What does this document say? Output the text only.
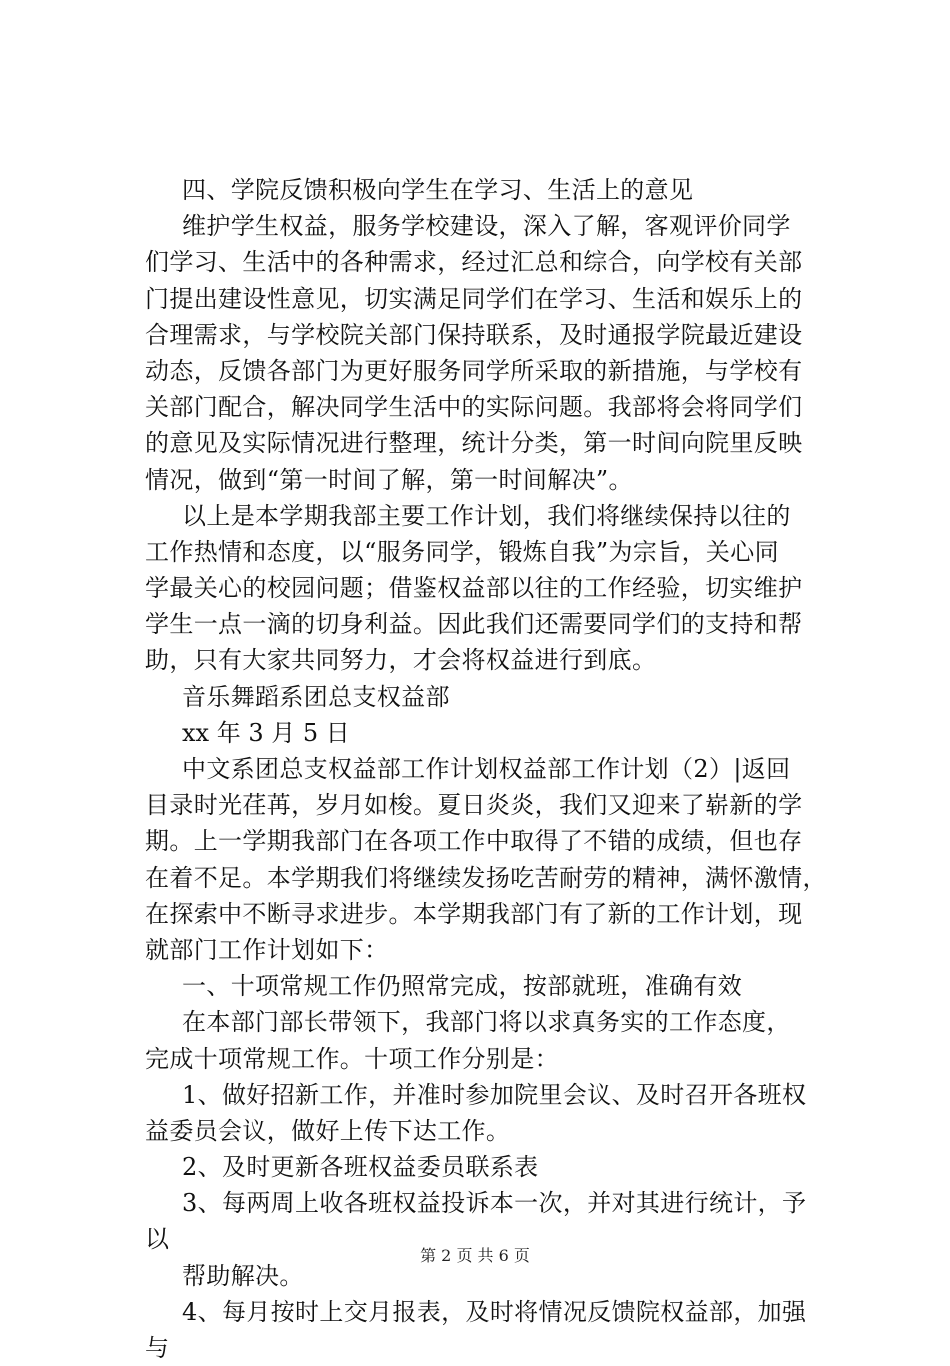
四、学院反馈积极向学生在学习、生活上的意见
维护学生权益，服务学校建设，深入了解，客观评价同学
们学习、生活中的各种需求，经过汇总和综合，向学校有关部
门提出建设性意见，切实满足同学们在学习、生活和娱乐上的
合理需求，与学校院关部门保持联系，及时通报学院最近建设
动态，反馈各部门为更好服务同学所采取的新措施，与学校有
关部门配合，解决同学生活中的实际问题。我部将会将同学们
的意见及实际情况进行整理，统计分类，第一时间向院里反映
情况，做到“第一时间了解，第一时间解决”。
以上是本学期我部主要工作计划，我们将继续保持以往的
工作热情和态度，以“服务同学，锻炼自我”为宗旨，关心同
学最关心的校园问题；借鉴权益部以往的工作经验，切实维护
学生一点一滴的切身利益。因此我们还需要同学们的支持和帮
助，只有大家共同努力，才会将权益进行到底。
音乐舞蹈系团总支权益部
xx 年 3 月 5 日
中文系团总支权益部工作计划权益部工作计划（2）|返回
目录时光荏苒，岁月如梭。夏日炎炎，我们又迎来了崭新的学
期。上一学期我部门在各项工作中取得了不错的成绩，但也存
在着不足。本学期我们将继续发扬吃苦耐劳的精神，满怀激情，
在探索中不断寻求进步。本学期我部门有了新的工作计划，现
就部门工作计划如下：
一、十项常规工作仍照常完成，按部就班，准确有效
在本部门部长带领下，我部门将以求真务实的工作态度，
完成十项常规工作。十项工作分别是：
1、做好招新工作，并准时参加院里会议、及时召开各班权
益委员会议，做好上传下达工作。
2、及时更新各班权益委员联系表
3、每两周上收各班权益投诉本一次，并对其进行统计，予
以
帮助解决。
4、每月按时上交月报表，及时将情况反馈院权益部，加强
与
第 2 页 共 6 页
